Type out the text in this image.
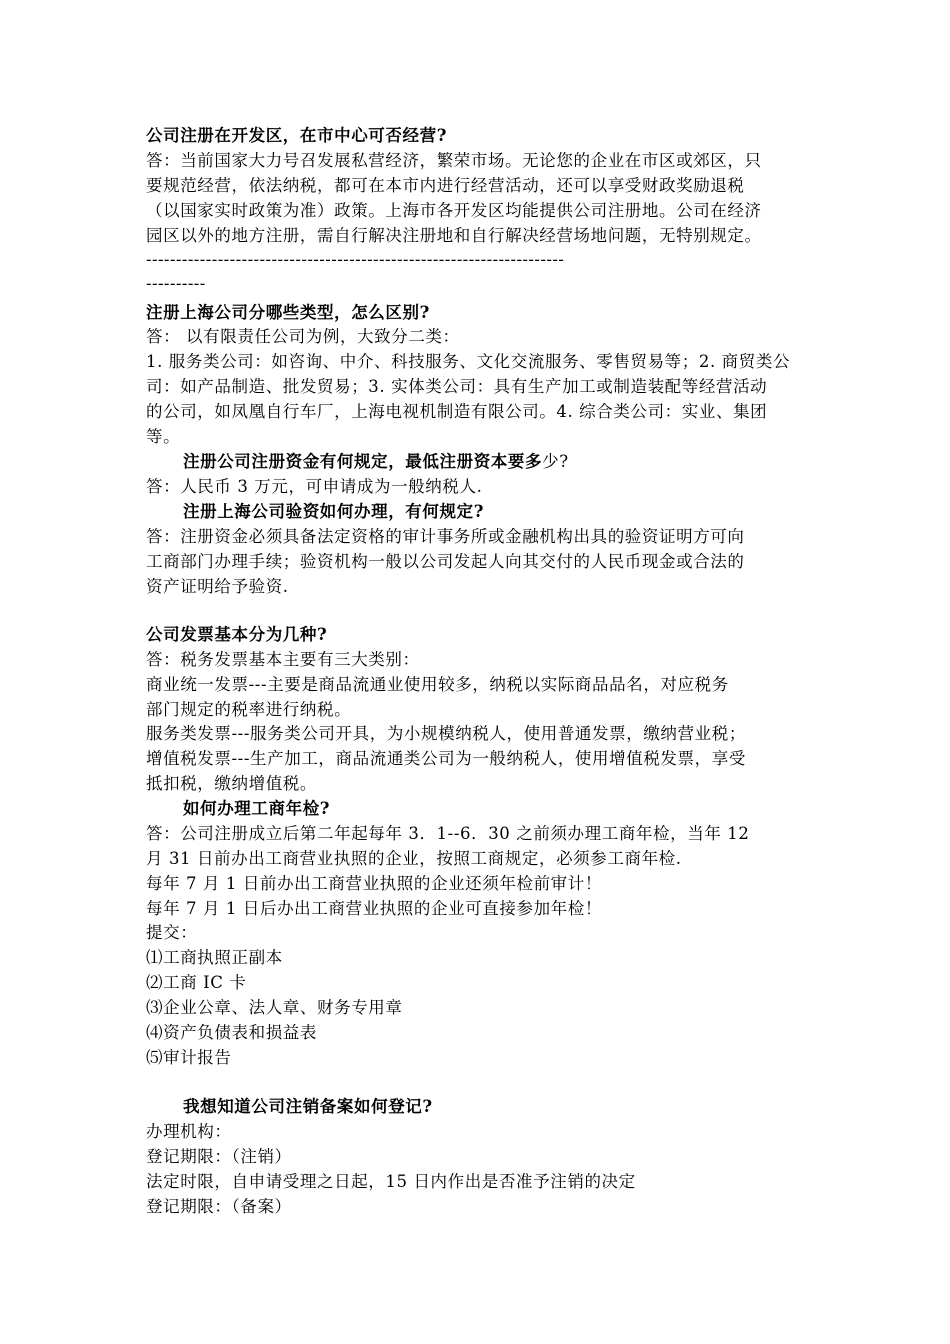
公司注册在开发区，在市中心可否经营?
答：当前国家大力号召发展私营经济，繁荣市场。无论您的企业在市区或郊区，只
要规范经营，依法纳税，都可在本市内进行经营活动，还可以享受财政奖励退税
（以国家实时政策为准）政策。上海市各开发区均能提供公司注册地。公司在经济
园区以外的地方注册，需自行解决注册地和自行解决经营场地问题，无特别规定。
----------------------------------------------------------------------
----------
注册上海公司分哪些类型，怎么区别?
答： 以有限责任公司为例，大致分二类：
1. 服务类公司：如咨询、中介、科技服务、文化交流服务、零售贸易等；2. 商贸类公
司：如产品制造、批发贸易；3. 实体类公司：具有生产加工或制造装配等经营活动
的公司，如凤凰自行车厂，上海电视机制造有限公司。4. 综合类公司：实业、集团
等。
注册公司注册资金有何规定，最低注册资本要多少?
答：人民币 3 万元，可申请成为一般纳税人.
注册上海公司验资如何办理，有何规定?
答：注册资金必须具备法定资格的审计事务所或金融机构出具的验资证明方可向
工商部门办理手续；验资机构一般以公司发起人向其交付的人民币现金或合法的
资产证明给予验资.
公司发票基本分为几种?
答：税务发票基本主要有三大类别：
商业统一发票---主要是商品流通业使用较多，纳税以实际商品品名，对应税务
部门规定的税率进行纳税。
服务类发票---服务类公司开具，为小规模纳税人，使用普通发票，缴纳营业税；
增值税发票---生产加工，商品流通类公司为一般纳税人，使用增值税发票，享受
抵扣税，缴纳增值税。
如何办理工商年检?
答：公司注册成立后第二年起每年 3．1--6．30 之前须办理工商年检，当年 12
月 31 日前办出工商营业执照的企业，按照工商规定，必须参工商年检.
每年 7 月 1 日前办出工商营业执照的企业还须年检前审计！
每年 7 月 1 日后办出工商营业执照的企业可直接参加年检！
提交：
⑴工商执照正副本
⑵工商 IC 卡
⑶企业公章、法人章、财务专用章
⑷资产负债表和损益表
⑸审计报告
我想知道公司注销备案如何登记?
办理机构：
登记期限：（注销）
法定时限，自申请受理之日起，15 日内作出是否准予注销的决定
登记期限：（备案）
